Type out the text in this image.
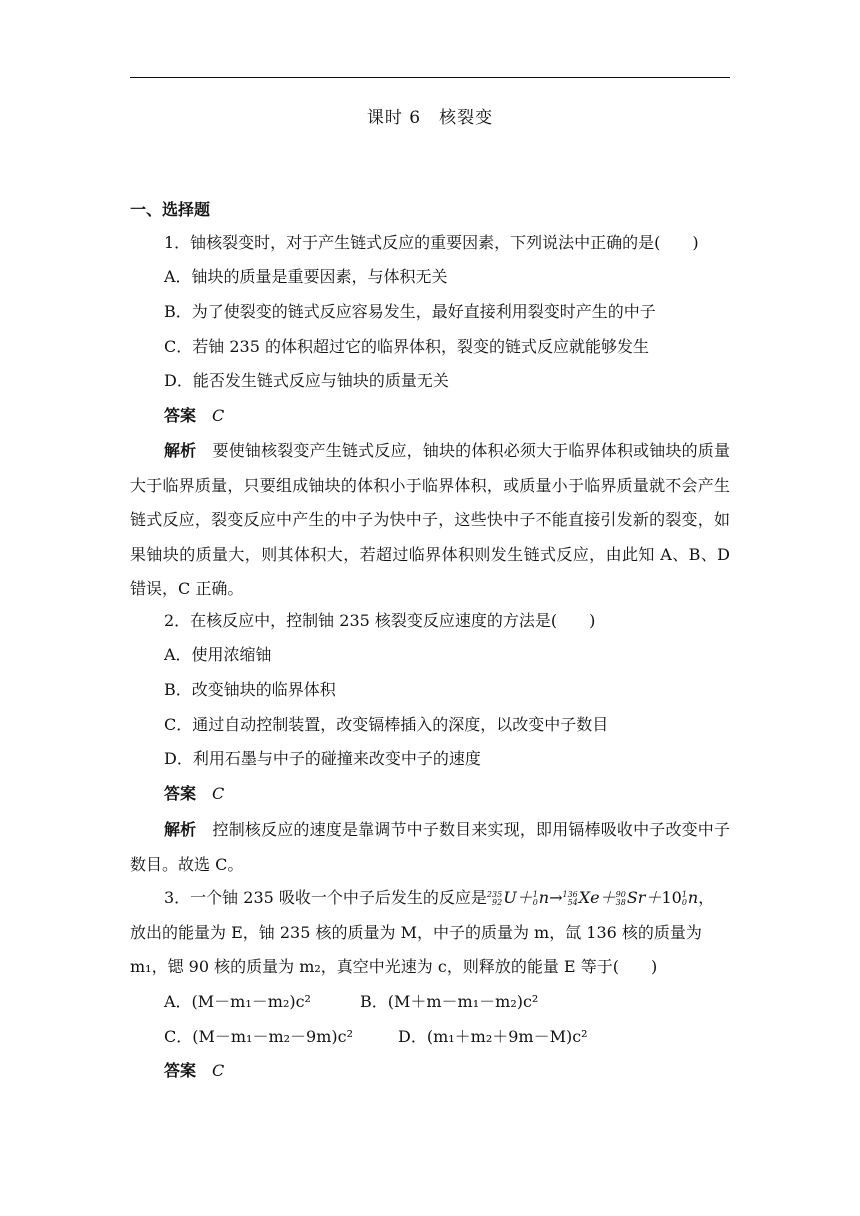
课时 6　核裂变
一、选择题
1．铀核裂变时，对于产生链式反应的重要因素，下列说法中正确的是(　　)
A．铀块的质量是重要因素，与体积无关
B．为了使裂变的链式反应容易发生，最好直接利用裂变时产生的中子
C．若铀 235 的体积超过它的临界体积，裂变的链式反应就能够发生
D．能否发生链式反应与铀块的质量无关
答案　 C
解析　 要使铀核裂变产生链式反应，铀块的体积必须大于临界体积或铀块的质量大于临界质量，只要组成铀块的体积小于临界体积，或质量小于临界质量就不会产生链式反应，裂变反应中产生的中子为快中子，这些快中子不能直接引发新的裂变，如果铀块的质量大，则其体积大，若超过临界体积则发生链式反应，由此知 A、B、D 错误，C 正确。
2．在核反应中，控制铀 235 核裂变反应速度的方法是(　　)
A．使用浓缩铀
B．改变铀块的临界体积
C．通过自动控制装置，改变镉棒插入的深度，以改变中子数目
D．利用石墨与中子的碰撞来改变中子的速度
答案　 C
解析　 控制核反应的速度是靠调节中子数目来实现，即用镉棒吸收中子改变中子数目。故选 C。
3．一个铀 235 吸收一个中子后发生的反应是235
92U＋1
0n→136
54Xe＋90
38Sr＋101
0n，
放出的能量为 E，铀 235 核的质量为 M，中子的质量为 m，氙 136 核的质量为
m₁，锶 90 核的质量为 m₂，真空中光速为 c，则释放的能量 E 等于(　　)
A．(M－m₁－m₂)c²	B．(M＋m－m₁－m₂)c²
C．(M－m₁－m₂－9m)c²	D．(m₁＋m₂＋9m－M)c²
答案　 C
